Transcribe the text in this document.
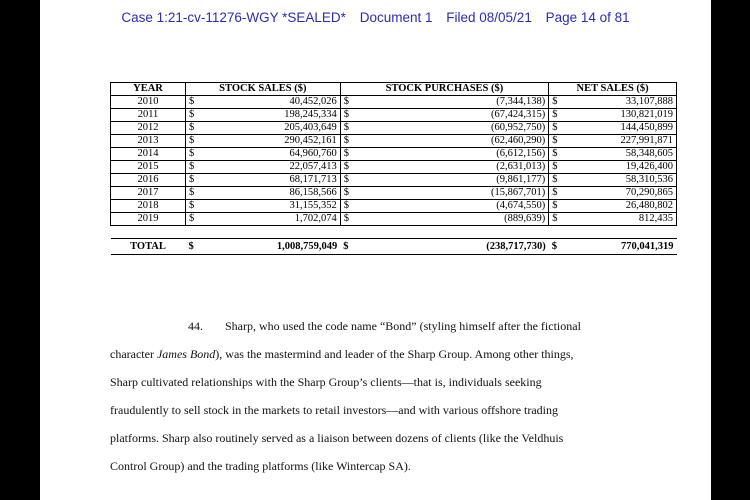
Case 1:21-cv-11276-WGY *SEALED* Document 1 Filed 08/05/21 Page 14 of 81
YEAR	STOCK SALES ($)		STOCK PURCHASES ($)		NET SALES ($)	
2010	$	40,452,026	$	(7,344,138)	$	33,107,888
2011	$	198,245,334	$	(67,424,315)	$	130,821,019
2012	$	205,403,649	$	(60,952,750)	$	144,450,899
2013	$	290,452,161	$	(62,460,290)	$	227,991,871
2014	$	64,960,760	$	(6,612,156)	$	58,348,605
2015	$	22,057,413	$	(2,631,013)	$	19,426,400
2016	$	68,171,713	$	(9,861,177)	$	58,310,536
2017	$	86,158,566	$	(15,867,701)	$	70,290,865
2018	$	31,155,352	$	(4,674,550)	$	26,480,802
2019	$	1,702,074	$	(889,639)	$	812,435

TOTAL	$	1,008,759,049	$	(238,717,730)	$	770,041,319

44. Sharp, who used the code name “Bond” (styling himself after the fictional

character James Bond), was the mastermind and leader of the Sharp Group. Among other things,

Sharp cultivated relationships with the Sharp Group’s clients—that is, individuals seeking

fraudulently to sell stock in the markets to retail investors—and with various offshore trading

platforms. Sharp also routinely served as a liaison between dozens of clients (like the Veldhuis

Control Group) and the trading platforms (like Wintercap SA).
